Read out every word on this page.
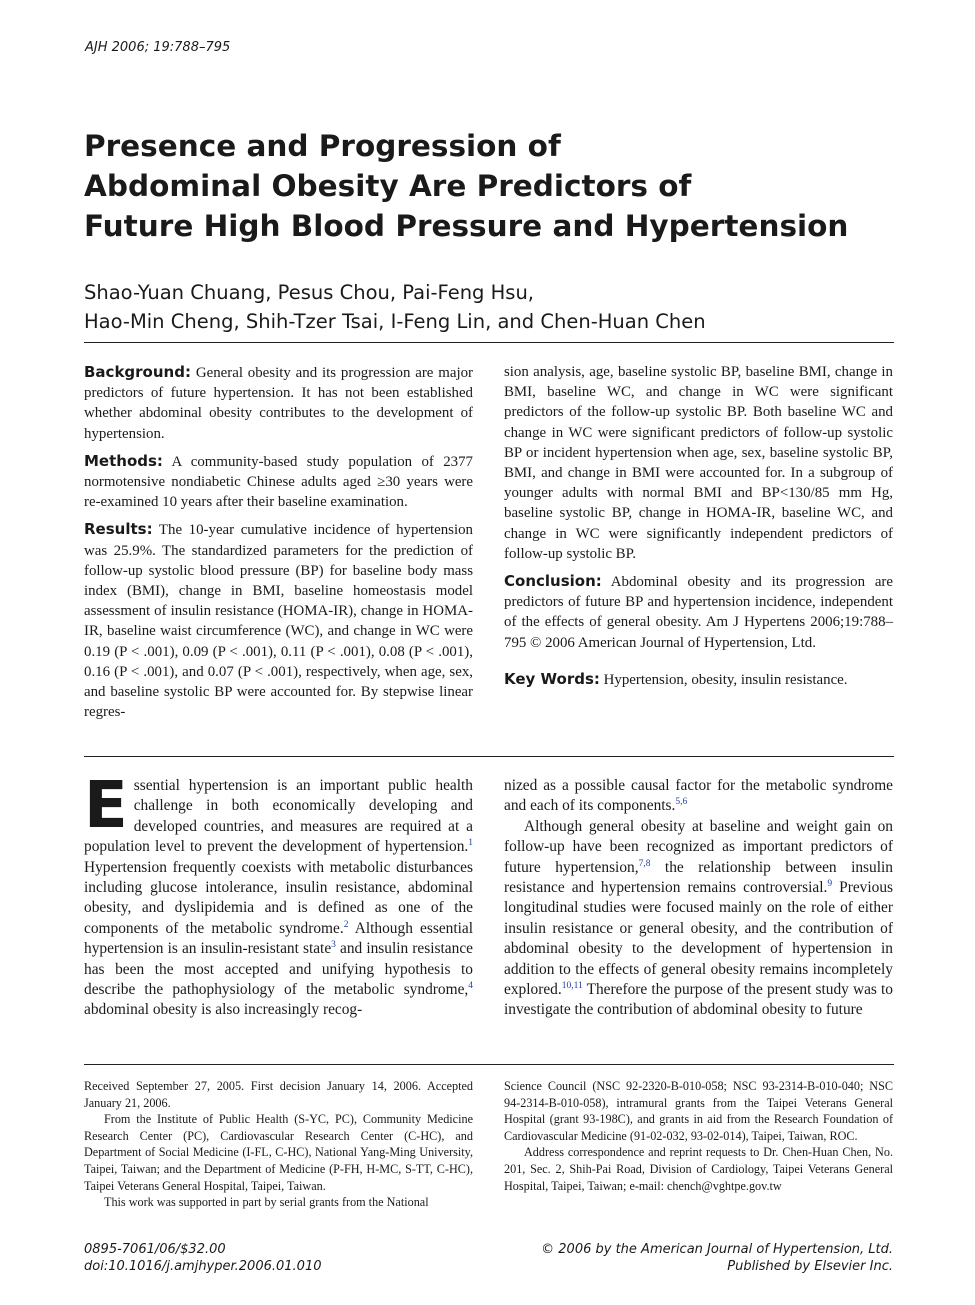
AJH 2006; 19:788–795
Presence and Progression of
Abdominal Obesity Are Predictors of
Future High Blood Pressure and Hypertension
Shao-Yuan Chuang, Pesus Chou, Pai-Feng Hsu,
Hao-Min Cheng, Shih-Tzer Tsai, I-Feng Lin, and Chen-Huan Chen

Background: General obesity and its progression are major predictors of future hypertension. It has not been established whether abdominal obesity contributes to the development of hypertension.

Methods: A community-based study population of 2377 normotensive nondiabetic Chinese adults aged ≥30 years were re-examined 10 years after their baseline examination.

Results: The 10-year cumulative incidence of hypertension was 25.9%. The standardized parameters for the prediction of follow-up systolic blood pressure (BP) for baseline body mass index (BMI), change in BMI, baseline homeostasis model assessment of insulin resistance (HOMA-IR), change in HOMA-IR, baseline waist circumference (WC), and change in WC were 0.19 (P < .001), 0.09 (P < .001), 0.11 (P < .001), 0.08 (P < .001), 0.16 (P < .001), and 0.07 (P < .001), respectively, when age, sex, and baseline systolic BP were accounted for. By stepwise linear regres-

sion analysis, age, baseline systolic BP, baseline BMI, change in BMI, baseline WC, and change in WC were significant predictors of the follow-up systolic BP. Both baseline WC and change in WC were significant predictors of follow-up systolic BP or incident hypertension when age, sex, baseline systolic BP, BMI, and change in BMI were accounted for. In a subgroup of younger adults with normal BMI and BP<130/85 mm Hg, baseline systolic BP, change in HOMA-IR, baseline WC, and change in WC were significantly independent predictors of follow-up systolic BP.

Conclusion: Abdominal obesity and its progression are predictors of future BP and hypertension incidence, independent of the effects of general obesity. Am J Hypertens 2006;19:788–795 © 2006 American Journal of Hypertension, Ltd.

Key Words: Hypertension, obesity, insulin resistance.

E ssential hypertension is an important public health challenge in both economically developing and developed countries, and measures are required at a population level to prevent the development of hypertension.$^1$ Hypertension frequently coexists with metabolic disturbances including glucose intolerance, insulin resistance, abdominal obesity, and dyslipidemia and is defined as one of the components of the metabolic syndrome.$^2$ Although essential hypertension is an insulin-resistant state$^3$ and insulin resistance has been the most accepted and unifying hypothesis to describe the pathophysiology of the metabolic syndrome,$^4$ abdominal obesity is also increasingly recog-

nized as a possible causal factor for the metabolic syndrome and each of its components.$^{5,6}$

Although general obesity at baseline and weight gain on follow-up have been recognized as important predictors of future hypertension,$^{7,8}$ the relationship between insulin resistance and hypertension remains controversial.$^9$ Previous longitudinal studies were focused mainly on the role of either insulin resistance or general obesity, and the contribution of abdominal obesity to the development of hypertension in addition to the effects of general obesity remains incompletely explored.$^{10,11}$ Therefore the purpose of the present study was to investigate the contribution of abdominal obesity to future

Received September 27, 2005. First decision January 14, 2006. Accepted January 21, 2006.

From the Institute of Public Health (S-YC, PC), Community Medicine Research Center (PC), Cardiovascular Research Center (C-HC), and Department of Social Medicine (I-FL, C-HC), National Yang-Ming University, Taipei, Taiwan; and the Department of Medicine (P-FH, H-MC, S-TT, C-HC), Taipei Veterans General Hospital, Taipei, Taiwan.

This work was supported in part by serial grants from the National

Science Council (NSC 92-2320-B-010-058; NSC 93-2314-B-010-040; NSC 94-2314-B-010-058), intramural grants from the Taipei Veterans General Hospital (grant 93-198C), and grants in aid from the Research Foundation of Cardiovascular Medicine (91-02-032, 93-02-014), Taipei, Taiwan, ROC.

Address correspondence and reprint requests to Dr. Chen-Huan Chen, No. 201, Sec. 2, Shih-Pai Road, Division of Cardiology, Taipei Veterans General Hospital, Taipei, Taiwan; e-mail: chench@vghtpe.gov.tw

0895-7061/06/$32.00
doi:10.1016/j.amjhyper.2006.01.010
© 2006 by the American Journal of Hypertension, Ltd.
Published by Elsevier Inc.
